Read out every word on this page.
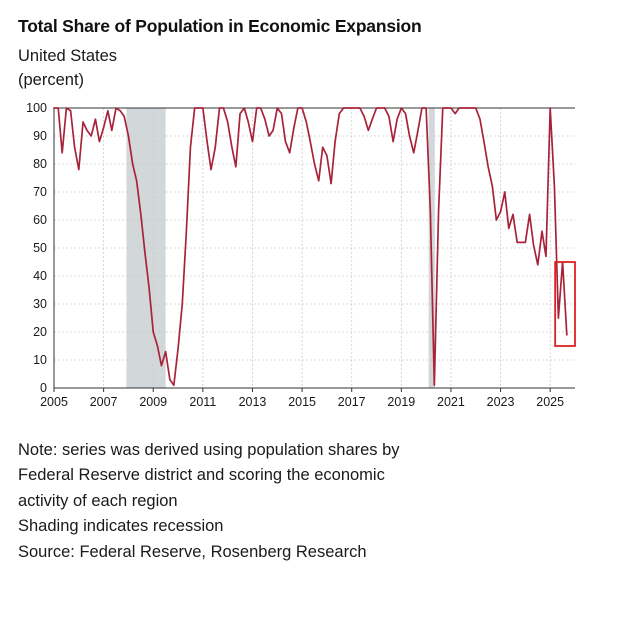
Total Share of Population in Economic Expansion
United States
(percent)
0
10
20
30
40
50
60
70
80
90
100
2005 2007 2009 2011 2013 2015 2017 2019 2021 2023 2025
Note: series was derived using population shares by
Federal Reserve district and scoring the economic
activity of each region
Shading indicates recession
Source: Federal Reserve, Rosenberg Research
